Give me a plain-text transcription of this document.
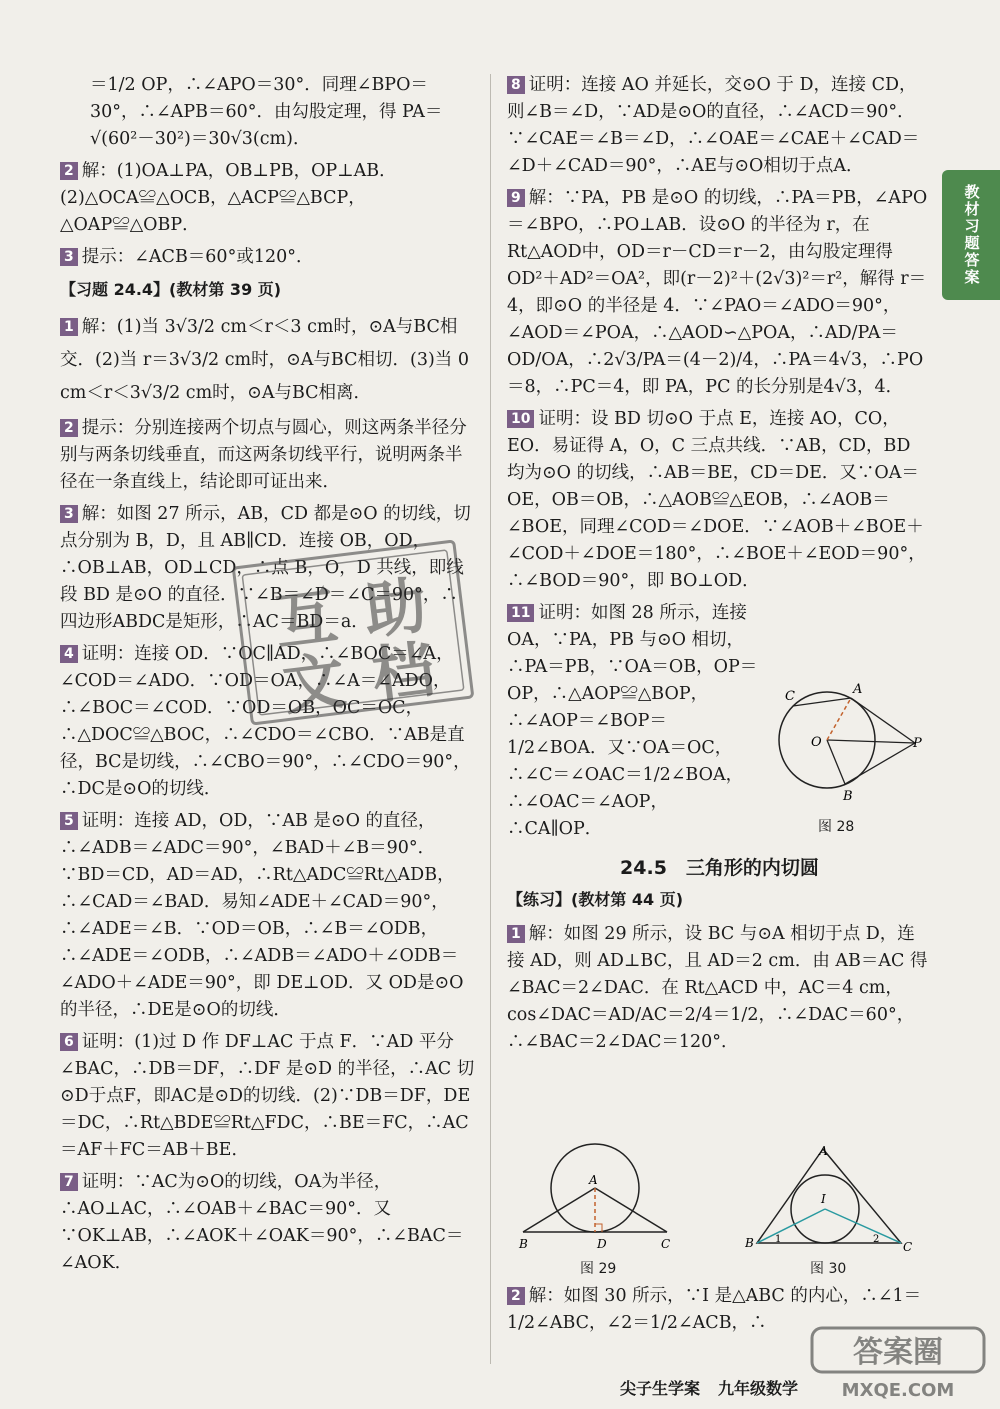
教材习题答案
＝1/2 OP，∴∠APO＝30°．同理∠BPO＝30°，∴∠APB＝60°．由勾股定理，得 PA＝√(60²－30²)＝30√3(cm)．
2 解：(1)OA⊥PA，OB⊥PB，OP⊥AB．(2)△OCA≌△OCB，△ACP≌△BCP，△OAP≌△OBP．
3 提示：∠ACB＝60°或120°．
【习题 24.4】(教材第 39 页)
1 解：(1)当 3√3/2 cm＜r＜3 cm时，⊙A与BC相交．(2)当 r＝3√3/2 cm时，⊙A与BC相切．(3)当 0 cm＜r＜3√3/2 cm时，⊙A与BC相离．
2 提示：分别连接两个切点与圆心，则这两条半径分别与两条切线垂直，而这两条切线平行，说明两条半径在一条直线上，结论即可证出来．
3 解：如图 27 所示，AB，CD 都是⊙O 的切线，切点分别为 B，D，且 AB∥CD．连接 OB，OD，∴OB⊥AB，OD⊥CD，∴点 B，O，D 共线，即线段 BD 是⊙O 的直径．∵∠B＝∠D＝∠C＝90°，∴四边形ABDC是矩形，∴AC＝BD＝a．
4 证明：连接 OD．∵OC∥AD，∴∠BOC＝∠A，∠COD＝∠ADO．∵OD＝OA，∴∠A＝∠ADO，∴∠BOC＝∠COD．∵OD＝OB，OC＝OC，∴△DOC≌△BOC，∴∠CDO＝∠CBO．∵AB是直径，BC是切线，∴∠CBO＝90°，∴∠CDO＝90°，∴DC是⊙O的切线．
5 证明：连接 AD，OD，∵AB 是⊙O 的直径，∴∠ADB＝∠ADC＝90°，∠BAD＋∠B＝90°．∵BD＝CD，AD＝AD，∴Rt△ADC≌Rt△ADB，∴∠CAD＝∠BAD．易知∠ADE＋∠CAD＝90°，∴∠ADE＝∠B．∵OD＝OB，∴∠B＝∠ODB，∴∠ADE＝∠ODB，∴∠ADB＝∠ADO＋∠ODB＝∠ADO＋∠ADE＝90°，即 DE⊥OD．又 OD是⊙O的半径，∴DE是⊙O的切线．
6 证明：(1)过 D 作 DF⊥AC 于点 F．∵AD 平分∠BAC，∴DB＝DF，∴DF 是⊙D 的半径，∴AC 切⊙D于点F，即AC是⊙D的切线．(2)∵DB＝DF，DE＝DC，∴Rt△BDE≌Rt△FDC，∴BE＝FC，∴AC＝AF＋FC＝AB＋BE．
7 证明：∵AC为⊙O的切线，OA为半径，∴AO⊥AC，∴∠OAB＋∠BAC＝90°．又∵OK⊥AB，∴∠AOK＋∠OAK＝90°，∴∠BAC＝∠AOK．
互 助
文 档
8 证明：连接 AO 并延长，交⊙O 于 D，连接 CD，则∠B＝∠D，∵AD是⊙O的直径，∴∠ACD＝90°．∵∠CAE＝∠B＝∠D，∴∠OAE＝∠CAE＋∠CAD＝∠D＋∠CAD＝90°，∴AE与⊙O相切于点A．
9 解：∵PA，PB 是⊙O 的切线，∴PA＝PB，∠APO＝∠BPO，∴PO⊥AB．设⊙O 的半径为 r，在 Rt△AOD中，OD＝r－CD＝r－2，由勾股定理得 OD²＋AD²＝OA²，即(r－2)²＋(2√3)²＝r²，解得 r＝4，即⊙O 的半径是 4．∵∠PAO＝∠ADO＝90°，∠AOD＝∠POA，∴△AOD∽△POA，∴AD/PA＝OD/OA，∴2√3/PA＝(4－2)/4，∴PA＝4√3，∴PO＝8，∴PC＝4，即 PA，PC 的长分别是4√3，4．
10 证明：设 BD 切⊙O 于点 E，连接 AO，CO，EO．易证得 A，O，C 三点共线．∵AB，CD，BD 均为⊙O 的切线，∴AB＝BE，CD＝DE．又∵OA＝OE，OB＝OB，∴△AOB≌△EOB，∴∠AOB＝∠BOE，同理∠COD＝∠DOE．∵∠AOB＋∠BOE＋∠COD＋∠DOE＝180°，∴∠BOE＋∠EOD＝90°，∴∠BOD＝90°，即 BO⊥OD．
11 证明：如图 28 所示，连接 OA，∵PA，PB 与⊙O 相切，∴PA＝PB，∵OA＝OB，OP＝OP，∴△AOP≌△BOP，∴∠AOP＝∠BOP＝1/2∠BOA．又∵OA＝OC，∴∠C＝∠OAC＝1/2∠BOA，∴∠OAC＝∠AOP，∴CA∥OP．
24.5　三角形的内切圆
【练习】(教材第 44 页)
1 解：如图 29 所示，设 BC 与⊙A 相切于点 D，连接 AD，则 AD⊥BC，且 AD＝2 cm．由 AB＝AC 得∠BAC＝2∠DAC．在 Rt△ACD 中，AC＝4 cm，cos∠DAC＝AD/AC＝2/4＝1/2，∴∠DAC＝60°，∴∠BAC＝2∠DAC＝120°．
C	A
O	P
B
图 28
2 解：如图 30 所示，∵I 是△ABC 的内心，∴∠1＝1/2∠ABC，∠2＝1/2∠ACB，∴
A
B	D	C
图 29
A
I
B 1	2
C
图 30
尖子生学案 九年级数学
答案圈
MXQE.COM
